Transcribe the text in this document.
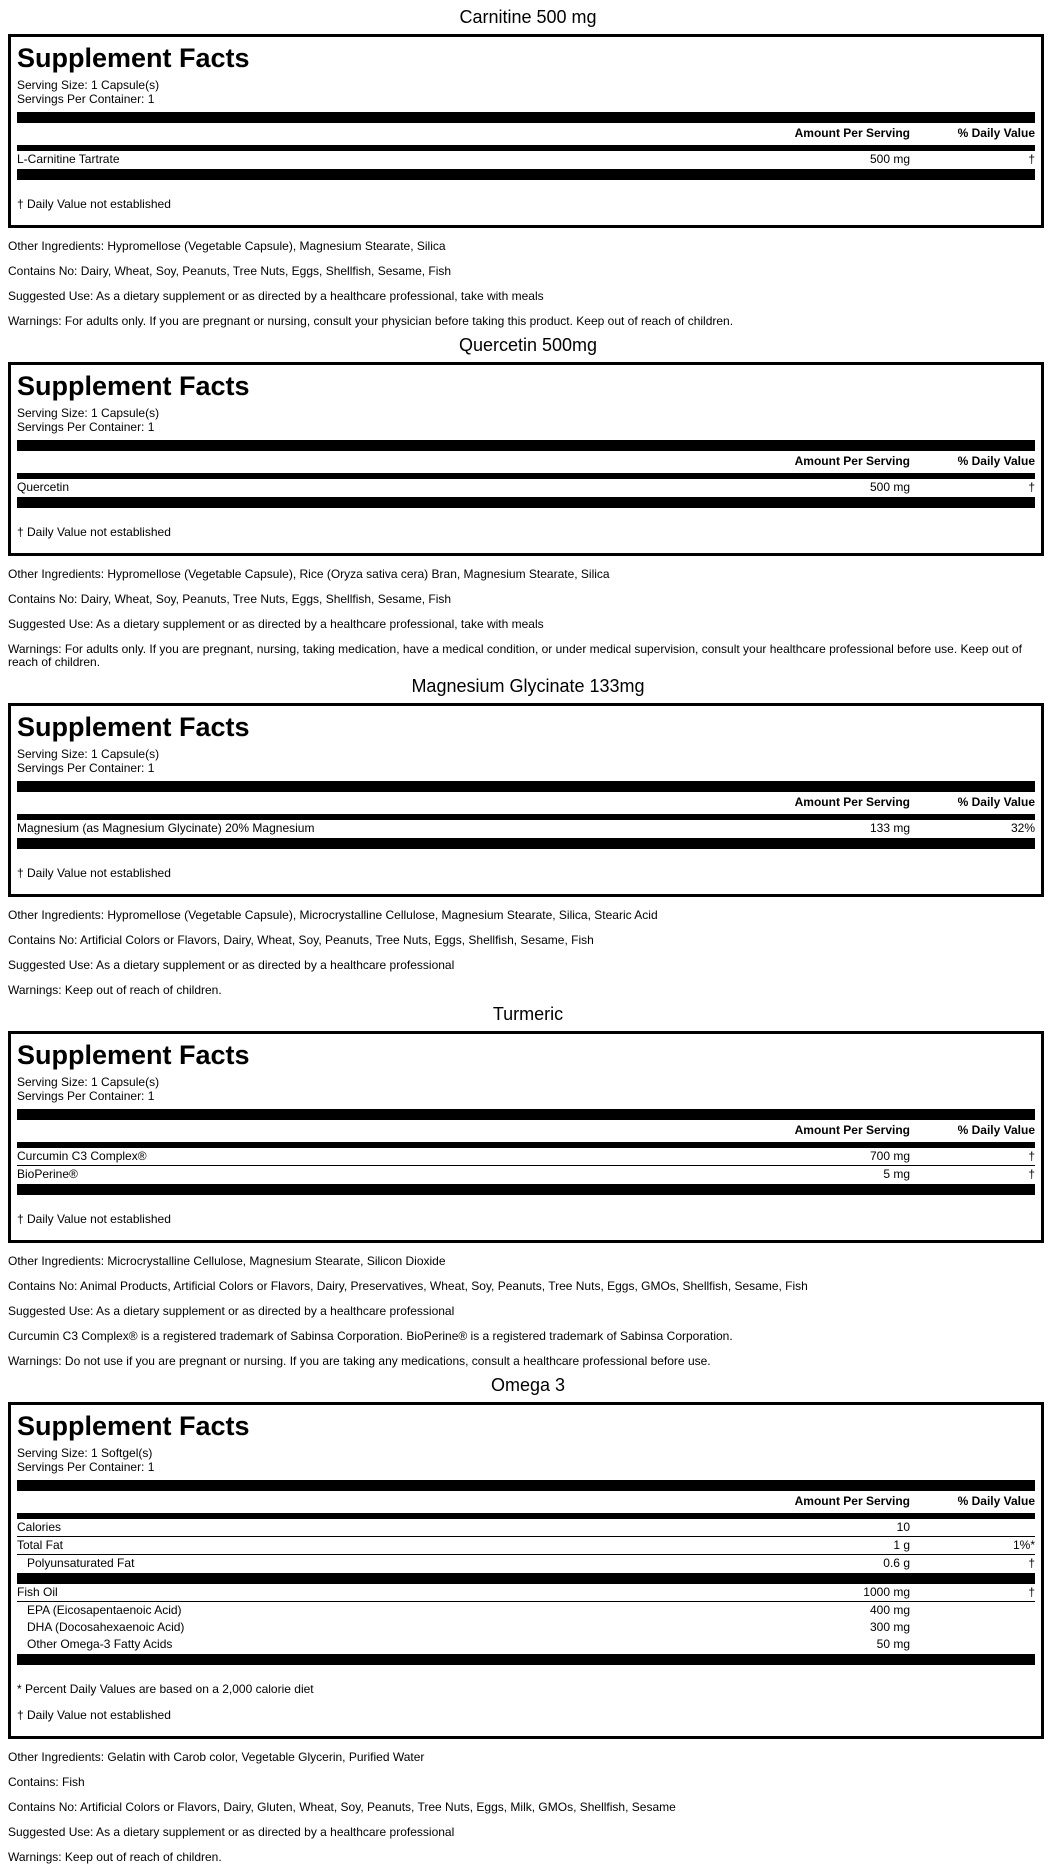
Carnitine 500 mg
Supplement Facts
Serving Size: 1 Capsule(s)
Servings Per Container: 1
Amount Per Serving	% Daily Value
L-Carnitine Tartrate	500 mg	†
† Daily Value not established

Other Ingredients: Hypromellose (Vegetable Capsule), Magnesium Stearate, Silica

Contains No: Dairy, Wheat, Soy, Peanuts, Tree Nuts, Eggs, Shellfish, Sesame, Fish

Suggested Use: As a dietary supplement or as directed by a healthcare professional, take with meals

Warnings: For adults only. If you are pregnant or nursing, consult your physician before taking this product. Keep out of reach of children.

Quercetin 500mg
Supplement Facts
Serving Size: 1 Capsule(s)
Servings Per Container: 1
Amount Per Serving	% Daily Value
Quercetin	500 mg	†
† Daily Value not established

Other Ingredients: Hypromellose (Vegetable Capsule), Rice (Oryza sativa cera) Bran, Magnesium Stearate, Silica

Contains No: Dairy, Wheat, Soy, Peanuts, Tree Nuts, Eggs, Shellfish, Sesame, Fish

Suggested Use: As a dietary supplement or as directed by a healthcare professional, take with meals

Warnings: For adults only. If you are pregnant, nursing, taking medication, have a medical condition, or under medical supervision, consult your healthcare professional before use. Keep out of reach of children.

Magnesium Glycinate 133mg
Supplement Facts
Serving Size: 1 Capsule(s)
Servings Per Container: 1
Amount Per Serving	% Daily Value
Magnesium (as Magnesium Glycinate) 20% Magnesium	133 mg	32%
† Daily Value not established

Other Ingredients: Hypromellose (Vegetable Capsule), Microcrystalline Cellulose, Magnesium Stearate, Silica, Stearic Acid

Contains No: Artificial Colors or Flavors, Dairy, Wheat, Soy, Peanuts, Tree Nuts, Eggs, Shellfish, Sesame, Fish

Suggested Use: As a dietary supplement or as directed by a healthcare professional

Warnings: Keep out of reach of children.

Turmeric
Supplement Facts
Serving Size: 1 Capsule(s)
Servings Per Container: 1
Amount Per Serving	% Daily Value
Curcumin C3 Complex®	700 mg	†
BioPerine®	5 mg	†
† Daily Value not established

Other Ingredients: Microcrystalline Cellulose, Magnesium Stearate, Silicon Dioxide

Contains No: Animal Products, Artificial Colors or Flavors, Dairy, Preservatives, Wheat, Soy, Peanuts, Tree Nuts, Eggs, GMOs, Shellfish, Sesame, Fish

Suggested Use: As a dietary supplement or as directed by a healthcare professional

Curcumin C3 Complex® is a registered trademark of Sabinsa Corporation. BioPerine® is a registered trademark of Sabinsa Corporation.

Warnings: Do not use if you are pregnant or nursing. If you are taking any medications, consult a healthcare professional before use.

Omega 3
Supplement Facts
Serving Size: 1 Softgel(s)
Servings Per Container: 1
Amount Per Serving	% Daily Value
Calories	10
Total Fat	1 g	1%*
Polyunsaturated Fat	0.6 g	†
Fish Oil	1000 mg	†
EPA (Eicosapentaenoic Acid)	400 mg
DHA (Docosahexaenoic Acid)	300 mg
Other Omega-3 Fatty Acids	50 mg
* Percent Daily Values are based on a 2,000 calorie diet
† Daily Value not established

Other Ingredients: Gelatin with Carob color, Vegetable Glycerin, Purified Water

Contains: Fish

Contains No: Artificial Colors or Flavors, Dairy, Gluten, Wheat, Soy, Peanuts, Tree Nuts, Eggs, Milk, GMOs, Shellfish, Sesame

Suggested Use: As a dietary supplement or as directed by a healthcare professional

Warnings: Keep out of reach of children.
